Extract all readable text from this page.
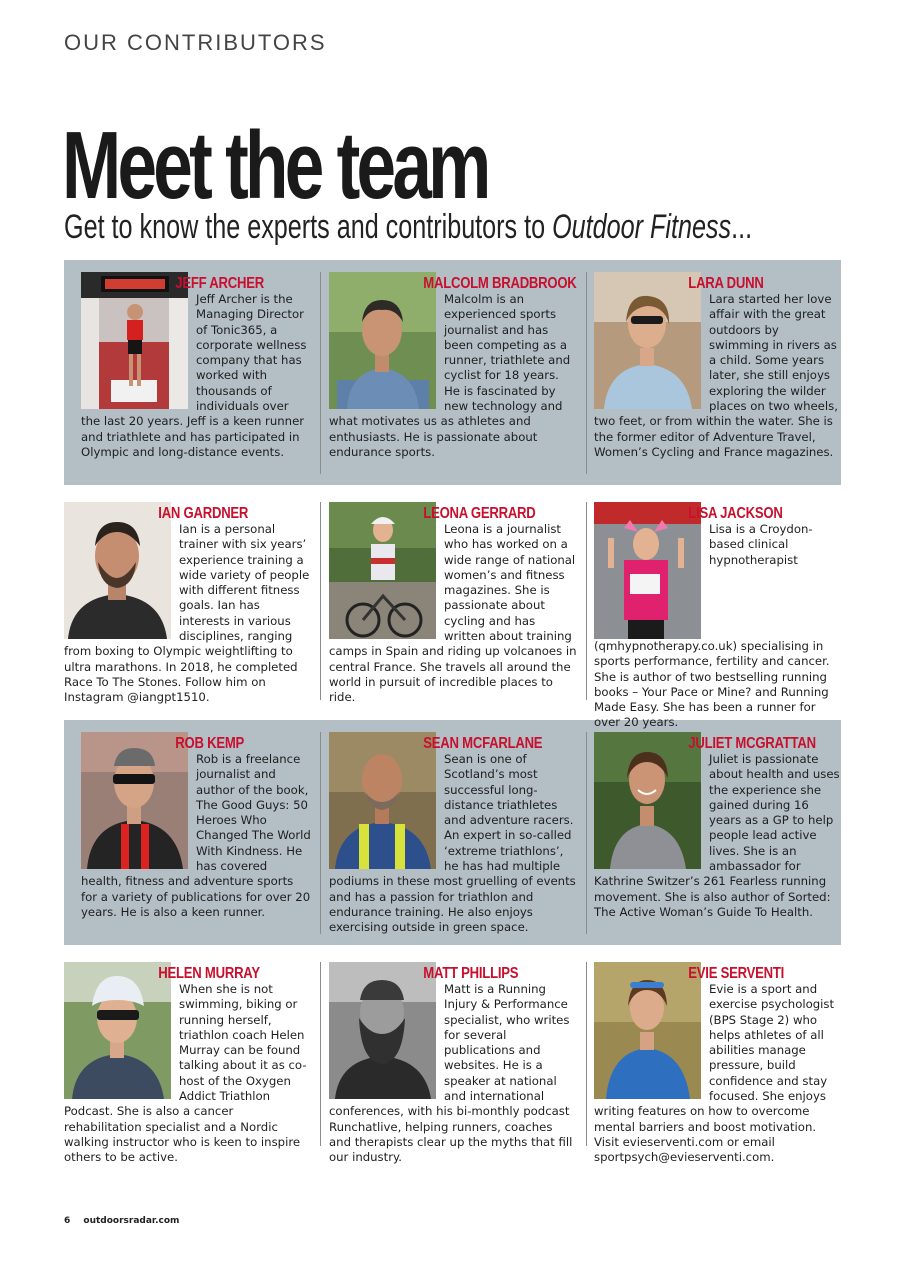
OUR CONTRIBUTORS
Meet the team
Get to know the experts and contributors to Outdoor Fitness...
JEFF ARCHER

Jeff Archer is the Managing Director of Tonic365, a corporate wellness company that has worked with thousands of individuals over the last 20 years. Jeff is a keen runner and triathlete and has participated in Olympic and long-distance events.

MALCOLM BRADBROOK

Malcolm is an experienced sports journalist and has been competing as a runner, triathlete and cyclist for 18 years. He is fascinated by new technology and what motivates us as athletes and enthusiasts. He is passionate about endurance sports.

LARA DUNN

Lara started her love affair with the great outdoors by swimming in rivers as a child. Some years later, she still enjoys exploring the wilder places on two wheels, two feet, or from within the water. She is the former editor of Adventure Travel, Women’s Cycling and France magazines.

IAN GARDNER

Ian is a personal trainer with six years’ experience training a wide variety of people with different fitness goals. Ian has interests in various disciplines, ranging from boxing to Olympic weightlifting to ultra marathons. In 2018, he completed Race To The Stones. Follow him on Instagram @iangpt1510.

LEONA GERRARD

Leona is a journalist who has worked on a wide range of national women’s and fitness magazines. She is passionate about cycling and has written about training camps in Spain and riding up volcanoes in central France. She travels all around the world in pursuit of incredible places to ride.

LISA JACKSON

Lisa is a Croydon-based clinical hypnotherapist (qmhypnotherapy.co.uk) specialising in sports performance, fertility and cancer. She is author of two bestselling running books – Your Pace or Mine? and Running Made Easy. She has been a runner for over 20 years.

ROB KEMP

Rob is a freelance journalist and author of the book, The Good Guys: 50 Heroes Who Changed The World With Kindness. He has covered health, fitness and adventure sports for a variety of publications for over 20 years. He is also a keen runner.

SEAN MCFARLANE

Sean is one of Scotland’s most successful long-distance triathletes and adventure racers. An expert in so-called ‘extreme triathlons’, he has had multiple podiums in these most gruelling of events and has a passion for triathlon and endurance training. He also enjoys exercising outside in green space.

JULIET MCGRATTAN

Juliet is passionate about health and uses the experience she gained during 16 years as a GP to help people lead active lives. She is an ambassador for Kathrine Switzer’s 261 Fearless running movement. She is also author of Sorted: The Active Woman’s Guide To Health.

HELEN MURRAY

When she is not swimming, biking or running herself, triathlon coach Helen Murray can be found talking about it as co-host of the Oxygen Addict Triathlon Podcast. She is also a cancer rehabilitation specialist and a Nordic walking instructor who is keen to inspire others to be active.

MATT PHILLIPS

Matt is a Running Injury & Performance specialist, who writes for several publications and websites. He is a speaker at national and international conferences, with his bi-monthly podcast Runchatlive, helping runners, coaches and therapists clear up the myths that fill our industry.

EVIE SERVENTI

Evie is a sport and exercise psychologist (BPS Stage 2) who helps athletes of all abilities manage pressure, build confidence and stay focused. She enjoys writing features on how to overcome mental barriers and boost motivation. Visit evieserventi.com or email sportpsych@evieserventi.com.

6 outdoorsradar.com
